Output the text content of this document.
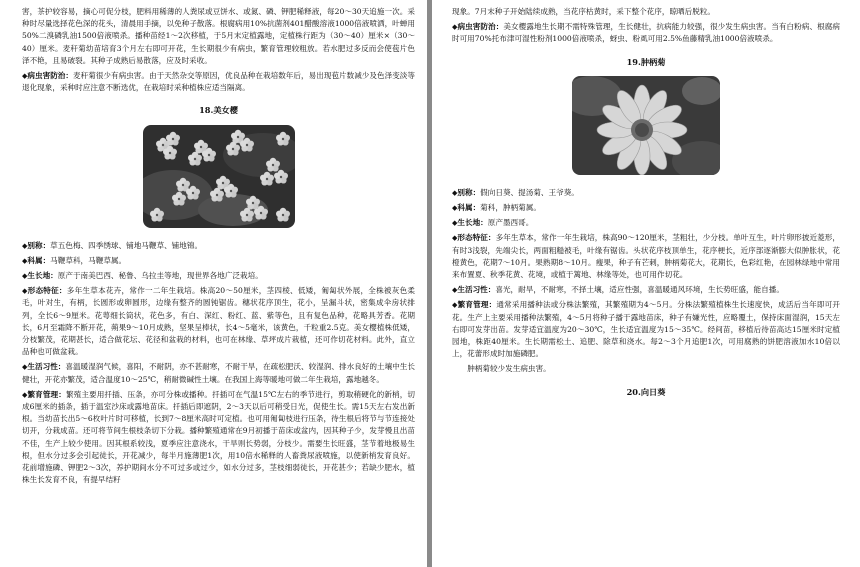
害，茶护较容易，摘心可促分枝，肥料用稀薄的人粪尿或豆饼水、或氮、磷、钾肥稀释液，每20～30天追施一次。采种时尽量选择花色深的花头，清晨用手摘，以免种子散落。根腐病用10%抗菌剂401醋酸溶液1000倍液喷洒，叶蝉用50%二溴磷乳油1500倍液喷杀。播种苗经1～2次移植，于5月末定植露地，定植株行距为（30～40）厘米×（30～40）厘米。麦秆菊幼苗培育3个月左右即可开花，生长期很少有病虫，繁育管理较粗放。若水肥过多反而会使苞片色泽不艳，且易破裂。其种子成熟后易散落，应及时采收。

◆病虫害防治：麦秆菊很少有病虫害。由于天然杂交等原因，优良品种在栽培数年后，易出现苞片数减少及色泽变淡等退化现象，采种时应注意不断选优，在栽培时采种植株应适当隔离。

18.美女樱

◆别称：草五色梅、四季绣球、铺地马鞭草、铺地锦。

◆科属：马鞭草科，马鞭草属。

◆生长地：原产于南美巴西、秘鲁、乌拉圭等地，现世界各地广泛栽培。

◆形态特征：多年生草本花卉，常作一二年生栽培。株高20～50厘米，茎四棱、低矮，匍匐状外展，全株被灰色柔毛，叶对生，有柄，长圆形或卵圆形，边缘有整齐的圆钝锯齿。穗状花序顶生，花小，呈漏斗状，密集成伞房状排列，全长6～9厘米。花萼细长筒状，花色多，有白、深红、粉红、蓝、紫等色，且有复色品种，花略具芳香。花期长，6月至霜降不断开花，蒴果9～10月成熟，坚果呈棒状，长4～5毫米，该黄色，千粒重2.5克。美女樱植株低矮，分枝繁茂，花期甚长，适合做花坛、花径和盆栽的材料，也可在林缘、草坪成片栽植，还可作切花材料。此外，直立品种也可做盆栽。

◆生活习性：喜温暖湿润气候，喜阳，不耐阴，亦不甚耐寒，不耐干旱，在疏松肥沃、较湿润、排水良好的土壤中生长健壮，开花亦繁茂，适合温度10～25℃，稍耐微碱性土壤。在我国上海等暖地可做二年生栽培，露地越冬。

◆繁育管理：繁殖主要用扦插、压条，亦可分株或播种。扦插可在气温15℃左右的季节进行，剪取稍硬化的新梢，切成6厘米的插条，插于温室沙床或露地苗床。扦插后即遮阴，2～3天以后可稍受日光，促使生长。需15天左右发出新根。当幼苗长出5～6枚叶片时可移植，长到7～8厘米高时可定植。也可用匍匐枝进行压条，待生根后将节与节连接处切开，分栽成苗。还可将节间生根枝条切下分栽。播种繁殖通常在9月初播于苗床或盆内，因其种子少，发芽慢且出苗不佳，生产上较少使用。因其根系较浅，夏季应注意浇水，干旱则长势弱，分枝少。需要生长旺盛，茎节着地极易生根，但水分过多会引起徒长，开花减少，每半月施薄肥1次，用10倍水稀释的人畜粪尿液喷施，以使新梢发育良好。花前增施磷、钾肥2～3次，养护期间水分不可过多或过少，如水分过多，茎枝细弱徒长，开花甚少；若缺少肥水，植株生长发育不良，有提早结籽

现象。7月末种子开始陆续成熟，当花序枯黄时，采下整个花序，晾晒后脱粒。

◆病虫害防治：美女樱露地生长期不需特殊管理，生长健壮，抗病能力较强，很少发生病虫害。当有白粉病、根腐病时可用70%托布津可湿性粉剂1000倍液喷杀，蚜虫、粉虱可用2.5%鱼藤精乳油1000倍液喷杀。

19.肿柄菊

◆别称：假向日葵、提汤菊、王爷葵。

◆科属：菊科，肿柄菊属。

◆生长地：原产墨西哥。

◆形态特征：多年生草本，常作一年生栽培，株高90～120厘米，茎粗壮，少分枝。单叶互生，叶片卵形披近菱形，有时3浅裂，先端尖长，两面粗糙被毛，叶缘有锯齿。头状花序枝顶单生，花序梗长，近序部逐渐膨大似肿胀状，花橙黄色，花期7～10月。果熟期8～10月。瘦果，种子有芒刺，肿柄菊花大，花期长，色彩红艳，在园林绿地中常用来布置夏、秋季花黄、花境，或植于篱地、林缘等处，也可用作切花。

◆生活习性：喜光，耐旱，不耐寒，不择土壤，适应性强，喜温暖通风环境，生长势旺盛，能自播。

◆繁育管理：通常采用播种法或分株法繁殖，其繁殖期为4～5月。分株法繁殖植株生长速度快，成活后当年即可开花。生产上主要采用播种法繁殖，4～5月将种子播于露地苗床，种子有嫌光性，应略覆土，保持床面湿润，15天左右即可发芽出苗。发芽适宜温度为20～30℃，生长适宜温度为15～35℃。经间苗，移植后待苗高达15厘米时定植园地，株距40厘米。生长期需松土、追肥、除草和浇水。每2～3个月追肥1次，可用腐熟的饼肥溶液加水10倍以上，花蕾形成时加施磷肥。

肿柄菊较少发生病虫害。

20.向日葵
